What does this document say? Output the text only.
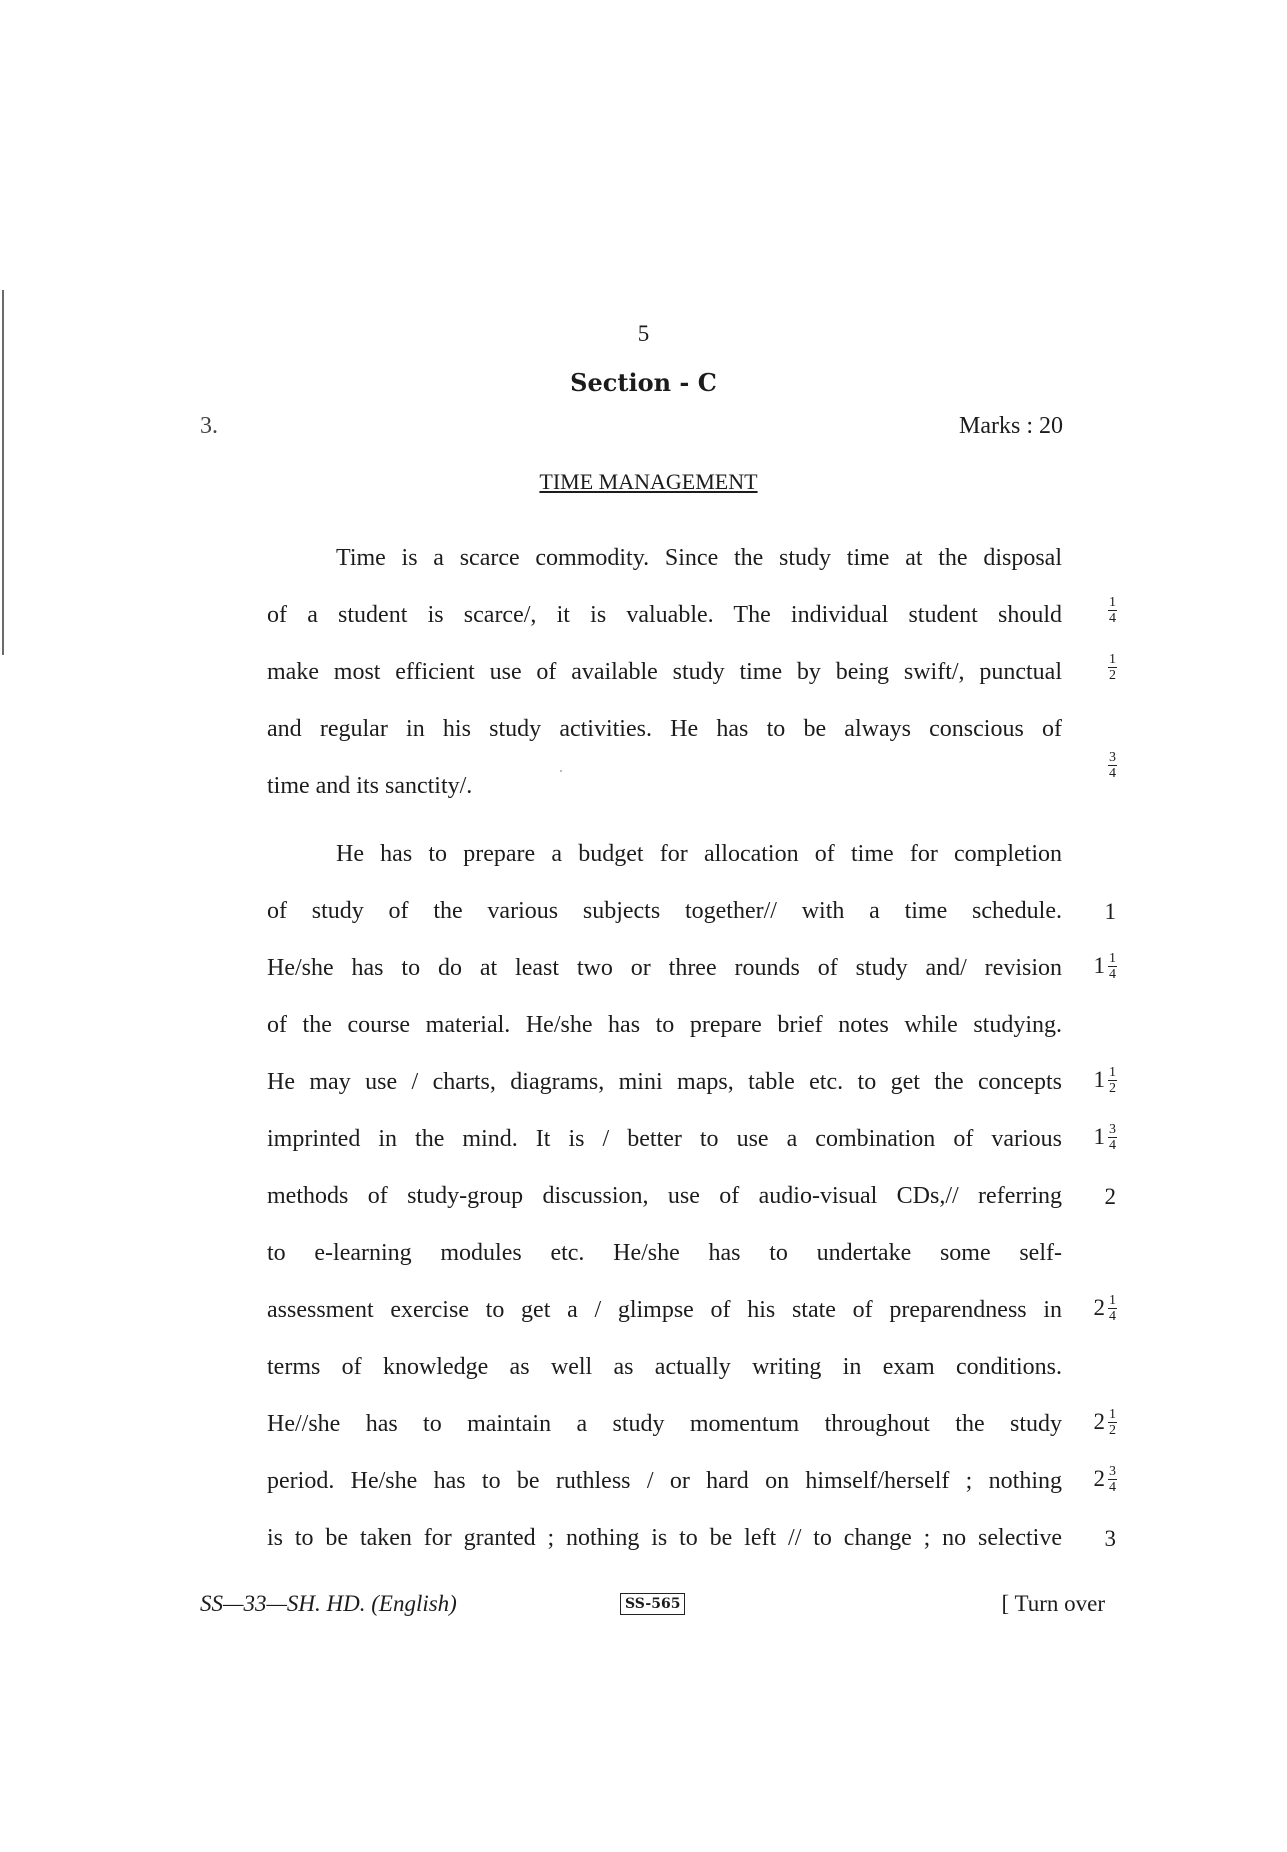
5
Section - C
3.	Marks : 20
TIME MANAGEMENT
Time is a scarce commodity. Since the study time at the disposal
of a student is scarce/, it is valuable. The individual student should
make most efficient use of available study time by being swift/, punctual
and regular in his study activities. He has to be always conscious of
time and its sanctity/.
He has to prepare a budget for allocation of time for completion
of study of the various subjects together// with a time schedule.
He/she has to do at least two or three rounds of study and/ revision
of the course material. He/she has to prepare brief notes while studying.
He may use / charts, diagrams, mini maps, table etc. to get the concepts
imprinted in the mind. It is / better to use a combination of various
methods of study-group discussion, use of audio-visual CDs,// referring
to e-learning modules etc. He/she has to undertake some self-
assessment exercise to get a / glimpse of his state of preparendness in
terms of knowledge as well as actually writing in exam conditions.
He//she has to maintain a study momentum throughout the study
period. He/she has to be ruthless / or hard on himself/herself ; nothing
is to be taken for granted ; nothing is to be left // to change ; no selective
$\frac{1}{4}$
$\frac{1}{2}$
$\frac{3}{4}$
1
$1 \frac{1}{4}$
$1 \frac{1}{2}$
$1 \frac{3}{4}$
2
$2 \frac{1}{4}$
$2 \frac{1}{2}$
$2 \frac{3}{4}$
3
SS—33—SH. HD. (English)	SS-565	[ Turn over
